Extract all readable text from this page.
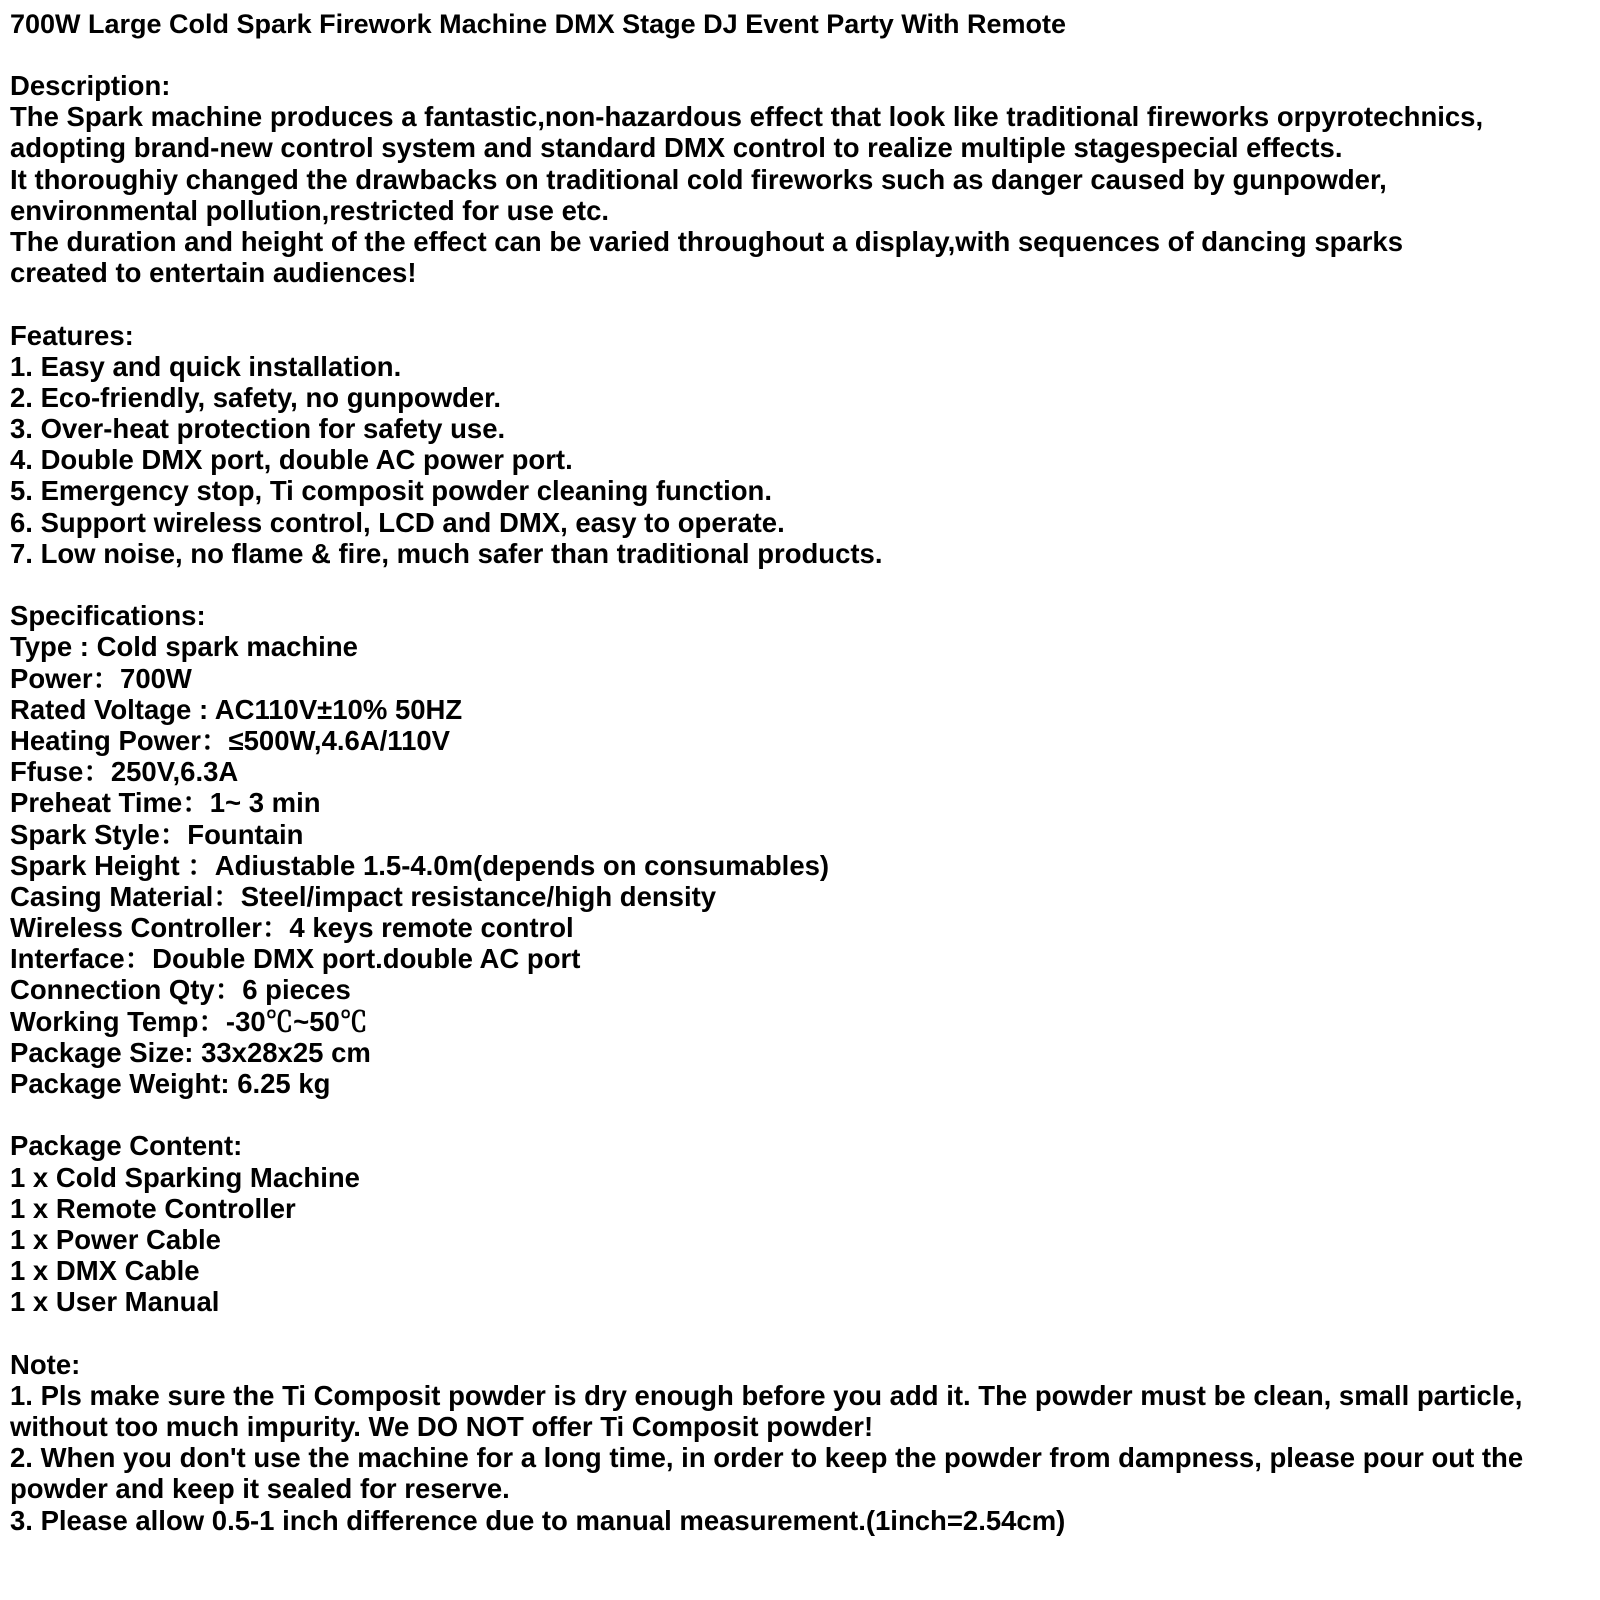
700W Large Cold Spark Firework Machine DMX Stage DJ Event Party With Remote
Description:
The Spark machine produces a fantastic,non-hazardous effect that look like traditional fireworks orpyrotechnics,
adopting brand-new control system and standard DMX control to realize multiple stagespecial effects.
It thoroughiy changed the drawbacks on traditional cold fireworks such as danger caused by gunpowder,
environmental pollution,restricted for use etc.
The duration and height of the effect can be varied throughout a display,with sequences of dancing sparks
created to entertain audiences!
Features:
1. Easy and quick installation.
2. Eco-friendly, safety, no gunpowder.
3. Over-heat protection for safety use.
4. Double DMX port, double AC power port.
5. Emergency stop, Ti composit powder cleaning function.
6. Support wireless control, LCD and DMX, easy to operate.
7. Low noise, no flame & fire, much safer than traditional products.
Specifications:
Type : Cold spark machine
Power：700W
Rated Voltage : AC110V±10% 50HZ
Heating Power：≤500W,4.6A/110V
Ffuse：250V,6.3A
Preheat Time：1~ 3 min
Spark Style：Fountain
Spark Height ：Adiustable 1.5-4.0m(depends on consumables)
Casing Material：Steel/impact resistance/high density
Wireless Controller：4 keys remote control
Interface：Double DMX port.double AC port
Connection Qty：6 pieces
Working Temp：-30℃~50℃
Package Size: 33x28x25 cm
Package Weight: 6.25 kg
Package Content:
1 x Cold Sparking Machine
1 x Remote Controller
1 x Power Cable
1 x DMX Cable
1 x User Manual
Note:
1. Pls make sure the Ti Composit powder is dry enough before you add it. The powder must be clean, small particle,
without too much impurity. We DO NOT offer Ti Composit powder!
2. When you don't use the machine for a long time, in order to keep the powder from dampness, please pour out the
powder and keep it sealed for reserve.
3. Please allow 0.5-1 inch difference due to manual measurement.(1inch=2.54cm)
